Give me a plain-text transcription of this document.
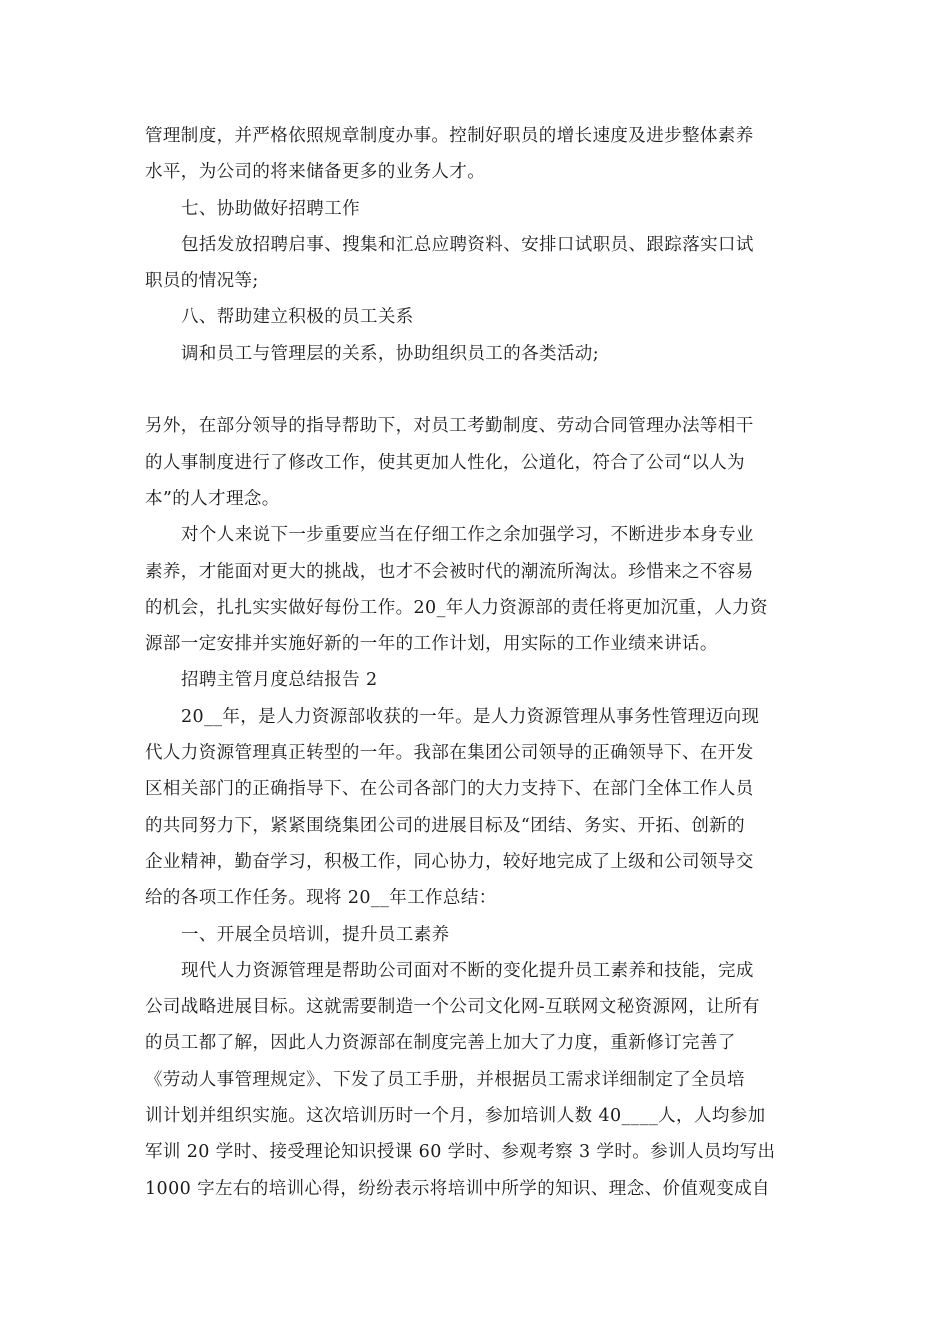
管理制度，并严格依照规章制度办事。控制好职员的增长速度及进步整体素养
水平，为公司的将来储备更多的业务人才。
七、协助做好招聘工作
包括发放招聘启事、搜集和汇总应聘资料、安排口试职员、跟踪落实口试
职员的情况等;
八、帮助建立积极的员工关系
调和员工与管理层的关系，协助组织员工的各类活动;
另外，在部分领导的指导帮助下，对员工考勤制度、劳动合同管理办法等相干
的人事制度进行了修改工作，使其更加人性化，公道化，符合了公司“以人为
本”的人才理念。
对个人来说下一步重要应当在仔细工作之余加强学习，不断进步本身专业
素养，才能面对更大的挑战，也才不会被时代的潮流所淘汰。珍惜来之不容易
的机会，扎扎实实做好每份工作。20_年人力资源部的责任将更加沉重，人力资
源部一定安排并实施好新的一年的工作计划，用实际的工作业绩来讲话。
招聘主管月度总结报告 2
20__年，是人力资源部收获的一年。是人力资源管理从事务性管理迈向现
代人力资源管理真正转型的一年。我部在集团公司领导的正确领导下、在开发
区相关部门的正确指导下、在公司各部门的大力支持下、在部门全体工作人员
的共同努力下，紧紧围绕集团公司的进展目标及“团结、务实、开拓、创新的
企业精神，勤奋学习，积极工作，同心协力，较好地完成了上级和公司领导交
给的各项工作任务。现将 20__年工作总结：
一、开展全员培训，提升员工素养
现代人力资源管理是帮助公司面对不断的变化提升员工素养和技能，完成
公司战略进展目标。这就需要制造一个公司文化网-互联网文秘资源网，让所有
的员工都了解，因此人力资源部在制度完善上加大了力度，重新修订完善了
《劳动人事管理规定》、下发了员工手册，并根据员工需求详细制定了全员培
训计划并组织实施。这次培训历时一个月，参加培训人数 40____人，人均参加
军训 20 学时、接受理论知识授课 60 学时、参观考察 3 学时。参训人员均写出
1000 字左右的培训心得，纷纷表示将培训中所学的知识、理念、价值观变成自
